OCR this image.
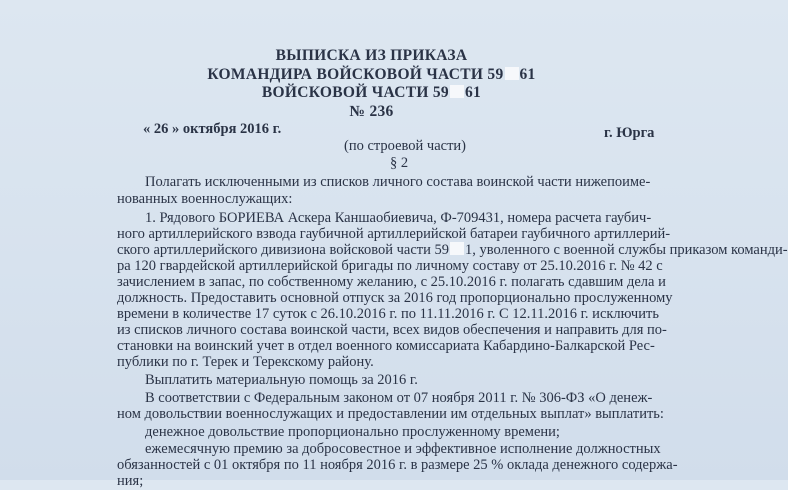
ВЫПИСКА ИЗ ПРИКАЗА
КОМАНДИРА ВОЙСКОВОЙ ЧАСТИ 59 61
ВОЙСКОВОЙ ЧАСТИ 59 61
№ 236
« 26 » октября 2016 г.	г. Юрга
(по строевой части)
§ 2
Полагать исключенными из списков личного состава воинской части нижепоиме-
нованных военнослужащих:
1. Рядового БОРИЕВА Аскера Каншаобиевича, Ф-709431, номера расчета гаубич-
ного артиллерийского взвода гаубичной артиллерийской батареи гаубичного артиллерий-
ского артиллерийского дивизиона войсковой части 59 1, уволенного с военной службы приказом команди-
ра 120 гвардейской артиллерийской бригады по личному составу от 25.10.2016 г. № 42 с
зачислением в запас, по собственному желанию, с 25.10.2016 г. полагать сдавшим дела и
должность. Предоставить основной отпуск за 2016 год пропорционально прослуженному
времени в количестве 17 суток с 26.10.2016 г. по 11.11.2016 г. С 12.11.2016 г. исключить
из списков личного состава воинской части, всех видов обеспечения и направить для по-
становки на воинский учет в отдел военного комиссариата Кабардино-Балкарской Рес-
публики по г. Терек и Терекскому району.
Выплатить материальную помощь за 2016 г.
В соответствии с Федеральным законом от 07 ноября 2011 г. № 306-ФЗ «О денеж-
ном довольствии военнослужащих и предоставлении им отдельных выплат» выплатить:
денежное довольствие пропорционально прослуженному времени;
ежемесячную премию за добросовестное и эффективное исполнение должностных
обязанностей с 01 октября по 11 ноября 2016 г. в размере 25 % оклада денежного содержа-
ния;
